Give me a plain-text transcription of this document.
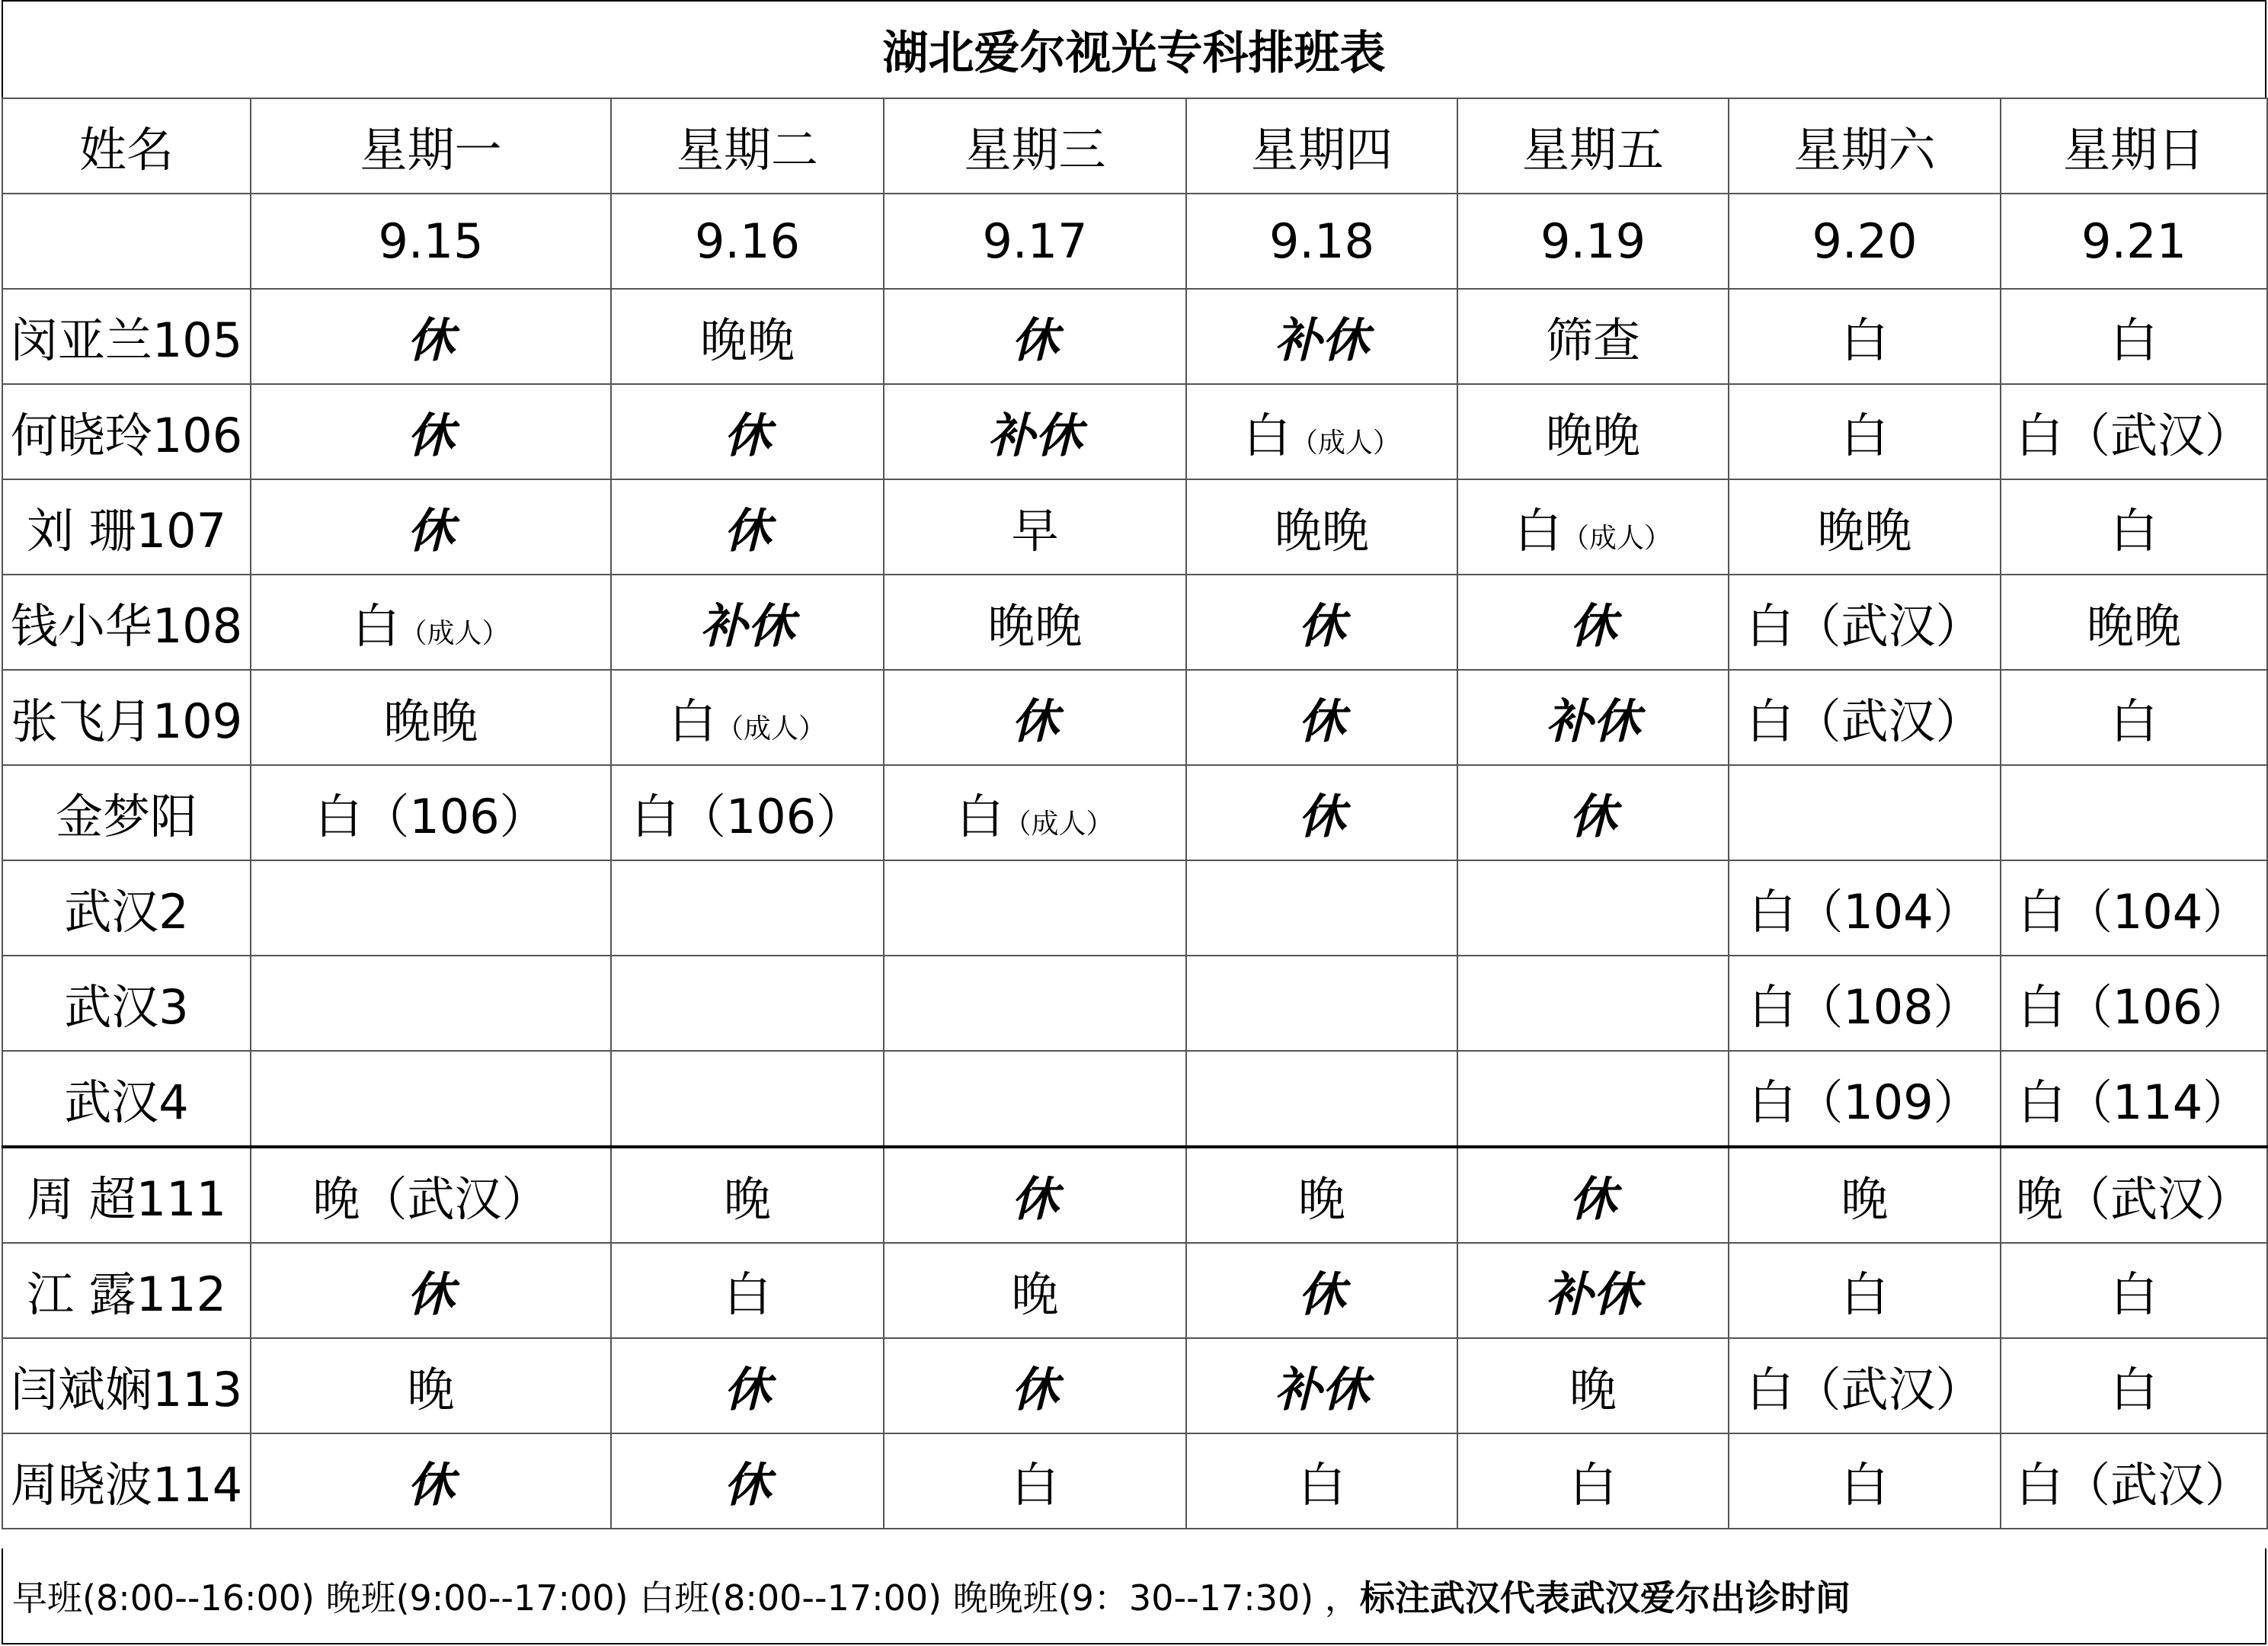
湖北爱尔视光专科排班表
姓名	星期一	星期二	星期三	星期四	星期五	星期六	星期日
	9.15	9.16	9.17	9.18	9.19	9.20	9.21
闵亚兰105	休	晚晚	休	补休	筛查	白	白
何晓玲106	休	休	补休	白（成人）	晚晚	白	白（武汉）
刘 珊107	休	休	早	晚晚	白（成人）	晚晚	白
钱小华108	白（成人）	补休	晚晚	休	休	白（武汉）	晚晚
张飞月109	晚晚	白（成人）	休	休	补休	白（武汉）	白
金梦阳	白（106）	白（106）	白（成人）	休	休		
武汉2						白（104）	白（104）
武汉3						白（108）	白（106）
武汉4						白（109）	白（114）
周 超111	晚（武汉）	晚	休	晚	休	晚	晚（武汉）
江 露112	休	白	晚	休	补休	白	白
闫斌娴113	晚	休	休	补休	晚	白（武汉）	白
周晓波114	休	休	白	白	白	白	白（武汉）
早班(8:00--16:00) 晚班(9:00--17:00) 白班(8:00--17:00) 晚晚班(9：30--17:30) ， 标注武汉代表武汉爱尔出诊时间
